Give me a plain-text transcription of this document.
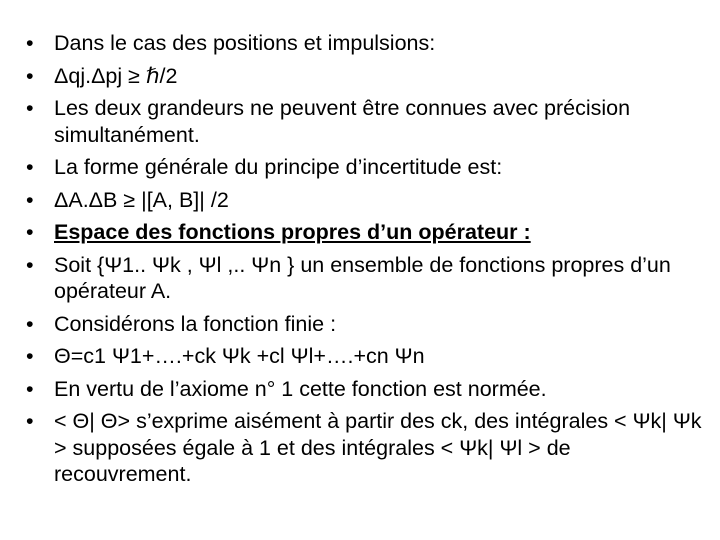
• Dans le cas des positions et impulsions:
• Δqj.Δpj ≥ ℏ/2
• Les deux grandeurs ne peuvent être connues avec précision simultanément.
• La forme générale du principe d’incertitude est:
• ΔA.ΔB ≥ |[A, B]| /2
• Espace des fonctions propres d’un opérateur :
• Soit {Ψ1.. Ψk , Ψl ,.. Ψn } un ensemble de fonctions propres d’un opérateur A.
• Considérons la fonction finie :
• Θ=c1 Ψ1+….+ck Ψk +cl Ψl+….+cn Ψn
• En vertu de l’axiome n° 1 cette fonction est normée.
• < Θ| Θ> s’exprime aisément à partir des ck, des intégrales < Ψk| Ψk > supposées égale à 1 et des intégrales < Ψk| Ψl > de recouvrement.
